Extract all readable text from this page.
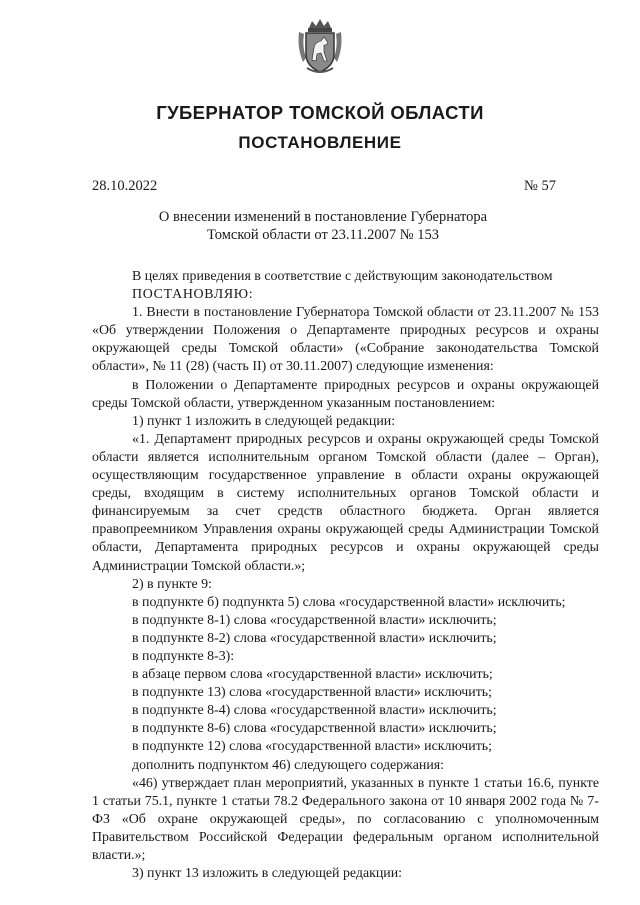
ГУБЕРНАТОР ТОМСКОЙ ОБЛАСТИ
ПОСТАНОВЛЕНИЕ
28.10.2022	№ 57
О внесении изменений в постановление Губернатора
Томской области от 23.11.2007 № 153

В целях приведения в соответствие с действующим законодательством

ПОСТАНОВЛЯЮ:

1. Внести в постановление Губернатора Томской области от 23.11.2007 № 153 «Об утверждении Положения о Департаменте природных ресурсов и охраны окружающей среды Томской области» («Собрание законодательства Томской области», № 11 (28) (часть II) от 30.11.2007) следующие изменения:

в Положении о Департаменте природных ресурсов и охраны окружающей среды Томской области, утвержденном указанным постановлением:

1) пункт 1 изложить в следующей редакции:

«1. Департамент природных ресурсов и охраны окружающей среды Томской области является исполнительным органом Томской области (далее – Орган), осуществляющим государственное управление в области охраны окружающей среды, входящим в систему исполнительных органов Томской области и финансируемым за счет средств областного бюджета. Орган является правопреемником Управления охраны окружающей среды Администрации Томской области, Департамента природных ресурсов и охраны окружающей среды Администрации Томской области.»;

2) в пункте 9:

в подпункте б) подпункта 5) слова «государственной власти» исключить;

в подпункте 8-1) слова «государственной власти» исключить;

в подпункте 8-2) слова «государственной власти» исключить;

в подпункте 8-3):

в абзаце первом слова «государственной власти» исключить;

в подпункте 13) слова «государственной власти» исключить;

в подпункте 8-4) слова «государственной власти» исключить;

в подпункте 8-6) слова «государственной власти» исключить;

в подпункте 12) слова «государственной власти» исключить;

дополнить подпунктом 46) следующего содержания:

«46) утверждает план мероприятий, указанных в пункте 1 статьи 16.6, пункте 1 статьи 75.1, пункте 1 статьи 78.2 Федерального закона от 10 января 2002 года № 7-ФЗ «Об охране окружающей среды», по согласованию с уполномоченным Правительством Российской Федерации федеральным органом исполнительной власти.»;

3) пункт 13 изложить в следующей редакции:
